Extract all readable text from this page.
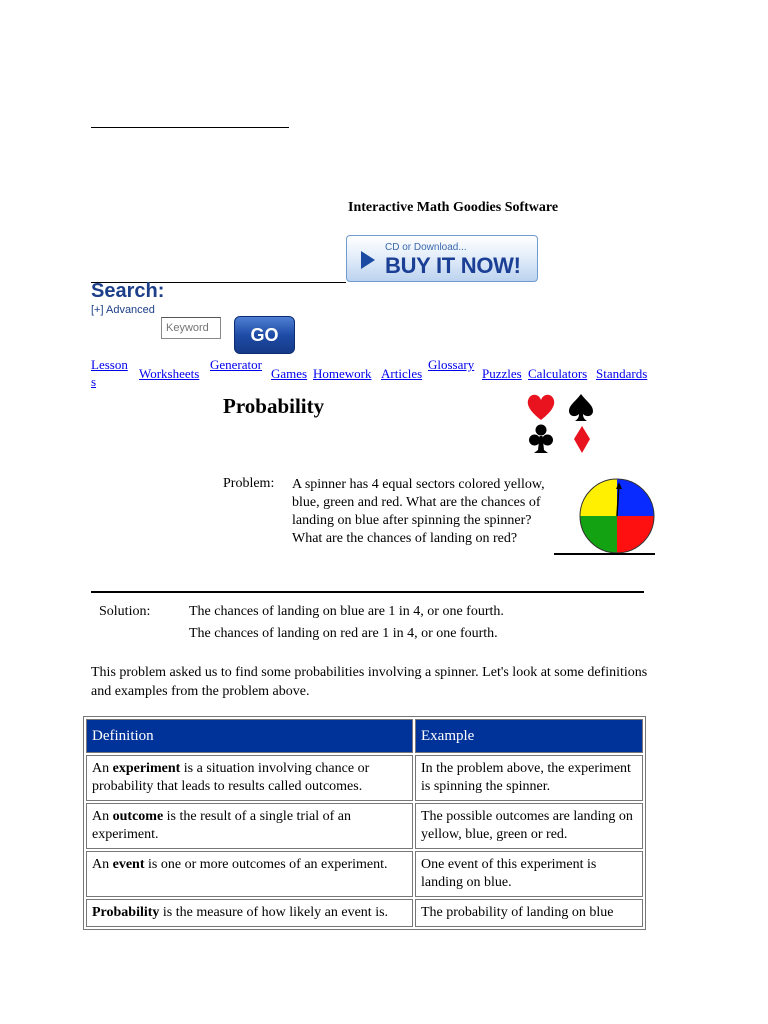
Interactive Math Goodies Software
CD or Download...
BUY IT NOW!
Search:
[+] Advanced
Keyword
GO
Lessons
Worksheets
Generator
Games Homework Articles
Glossary
Puzzles Calculators Standards
Probability
Problem: A spinner has 4 equal sectors colored yellow, blue, green and red. What are the chances of landing on blue after spinning the spinner? What are the chances of landing on red?
Solution:	The chances of landing on blue are 1 in 4, or one fourth.
The chances of landing on red are 1 in 4, or one fourth.
This problem asked us to find some probabilities involving a spinner. Let's look at some definitions and examples from the problem above.
Definition	Example
An experiment is a situation involving chance or probability that leads to results called outcomes.	In the problem above, the experiment is spinning the spinner.
An outcome is the result of a single trial of an experiment.	The possible outcomes are landing on yellow, blue, green or red.
An event is one or more outcomes of an experiment.	One event of this experiment is landing on blue.
Probability is the measure of how likely an event is.	The probability of landing on blue
